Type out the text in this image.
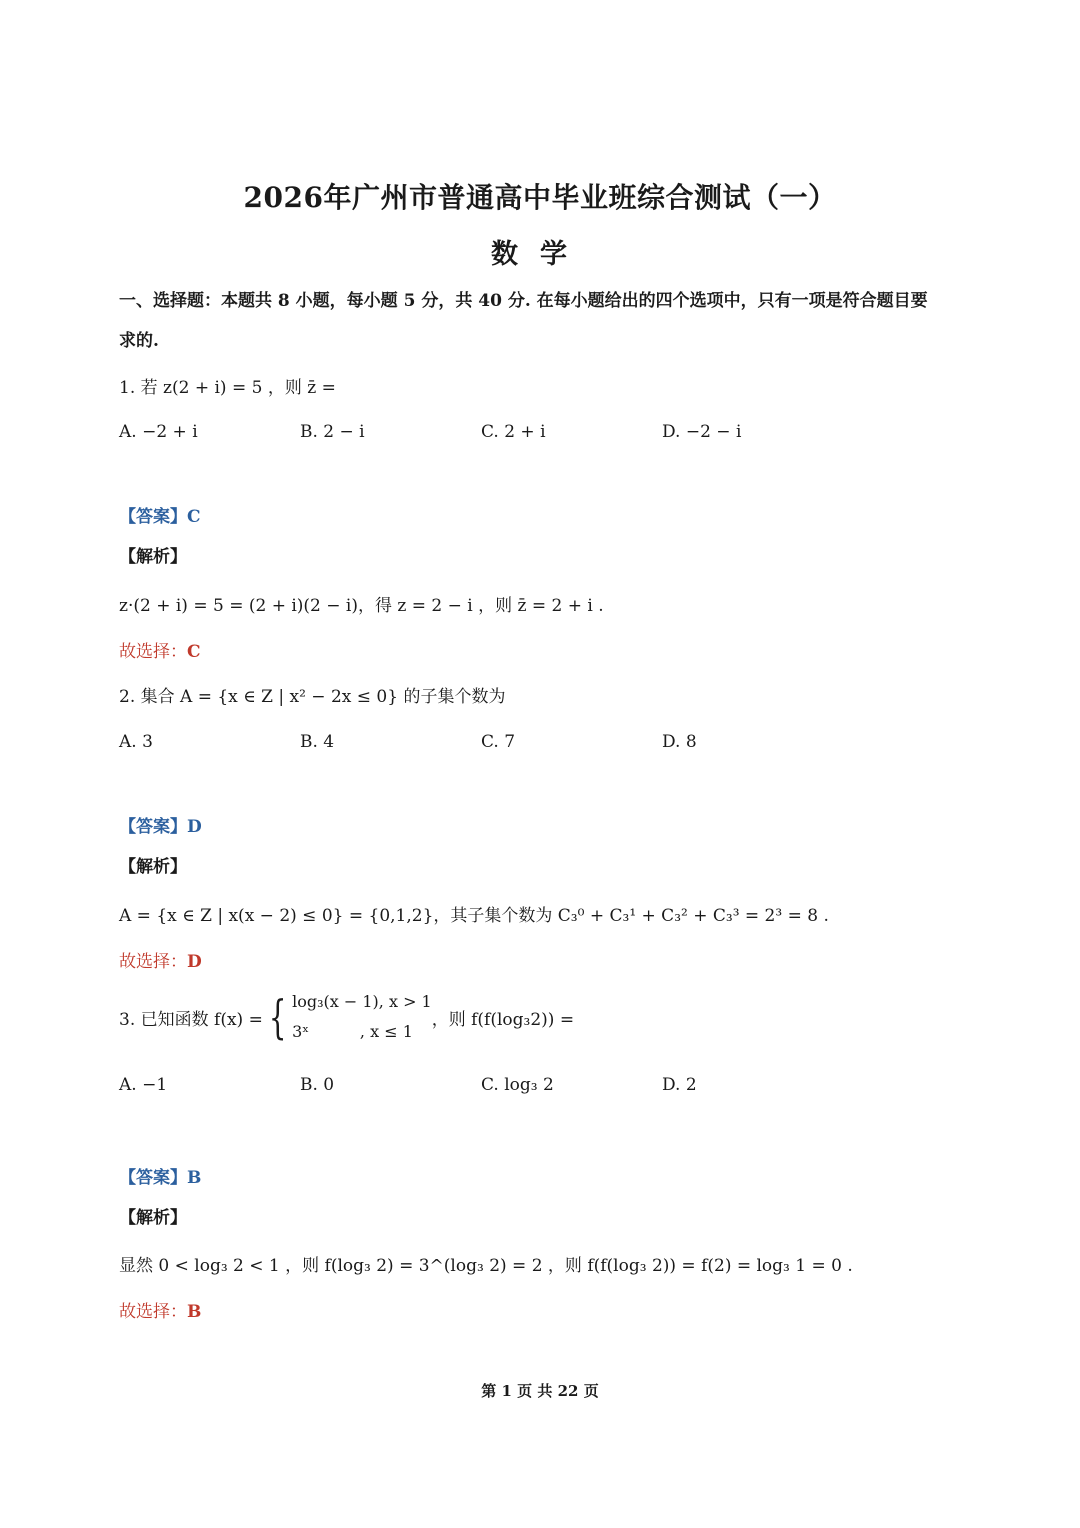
2026年广州市普通高中毕业班综合测试（一）
数学
一、选择题：本题共 8 小题，每小题 5 分，共 40 分. 在每小题给出的四个选项中，只有一项是符合题目要
求的.
1. 若 z(2 + i) = 5 ，则 z̄ =
A. −2 + i	B. 2 − i	C. 2 + i	D. −2 − i
【答案】C
【解析】
z·(2 + i) = 5 = (2 + i)(2 − i)，得 z = 2 − i ，则 z̄ = 2 + i .
故选择：C
2. 集合 A = {x ∈ Z | x² − 2x ≤ 0} 的子集个数为
A. 3	B. 4	C. 7	D. 8
【答案】D
【解析】
A = {x ∈ Z | x(x − 2) ≤ 0} = {0,1,2}，其子集个数为 C₃⁰ + C₃¹ + C₃² + C₃³ = 2³ = 8 .
故选择：D
3. 已知函数 f(x) = { log₃(x − 1), x > 1
3ˣ          , x ≤ 1
，则 f(f(log₃2)) =
A. −1	B. 0	C. log₃ 2	D. 2
【答案】B
【解析】
显然 0 < log₃ 2 < 1 ，则 f(log₃ 2) = 3^(log₃ 2) = 2 ，则 f(f(log₃ 2)) = f(2) = log₃ 1 = 0 .
故选择：B
第 1 页 共 22 页
